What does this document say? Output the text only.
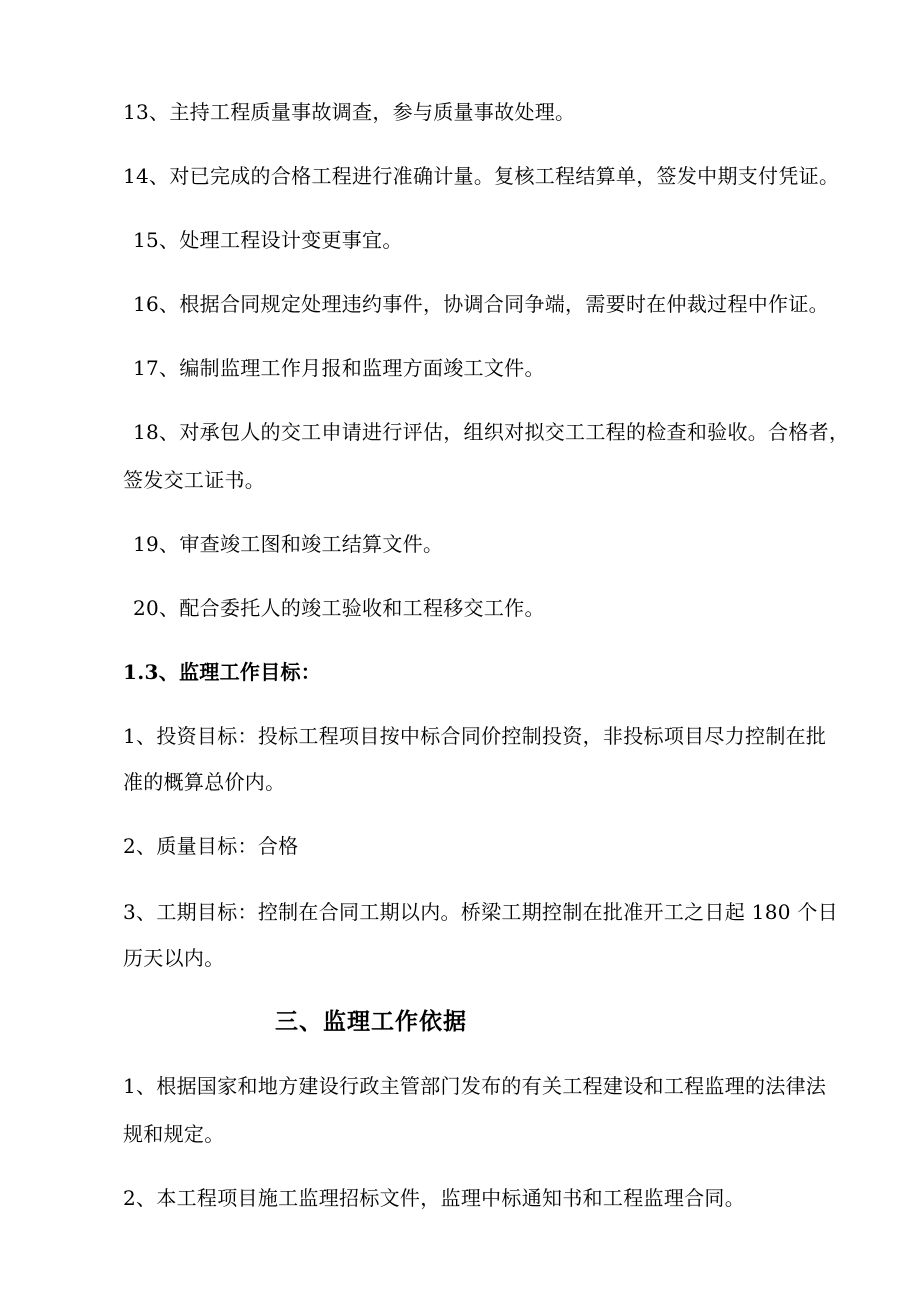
13、主持工程质量事故调查，参与质量事故处理。

14、对已完成的合格工程进行准确计量。复核工程结算单，签发中期支付凭证。

15、处理工程设计变更事宜。

16、根据合同规定处理违约事件，协调合同争端，需要时在仲裁过程中作证。

17、编制监理工作月报和监理方面竣工文件。

18、对承包人的交工申请进行评估，组织对拟交工工程的检查和验收。合格者，

签发交工证书。

19、审查竣工图和竣工结算文件。

20、配合委托人的竣工验收和工程移交工作。

1.3、监理工作目标：

1、投资目标：投标工程项目按中标合同价控制投资，非投标项目尽力控制在批

准的概算总价内。

2、质量目标：合格

3、工期目标：控制在合同工期以内。桥梁工期控制在批准开工之日起 180 个日

历天以内。

三、监理工作依据

1、根据国家和地方建设行政主管部门发布的有关工程建设和工程监理的法律法

规和规定。

2、本工程项目施工监理招标文件，监理中标通知书和工程监理合同。
